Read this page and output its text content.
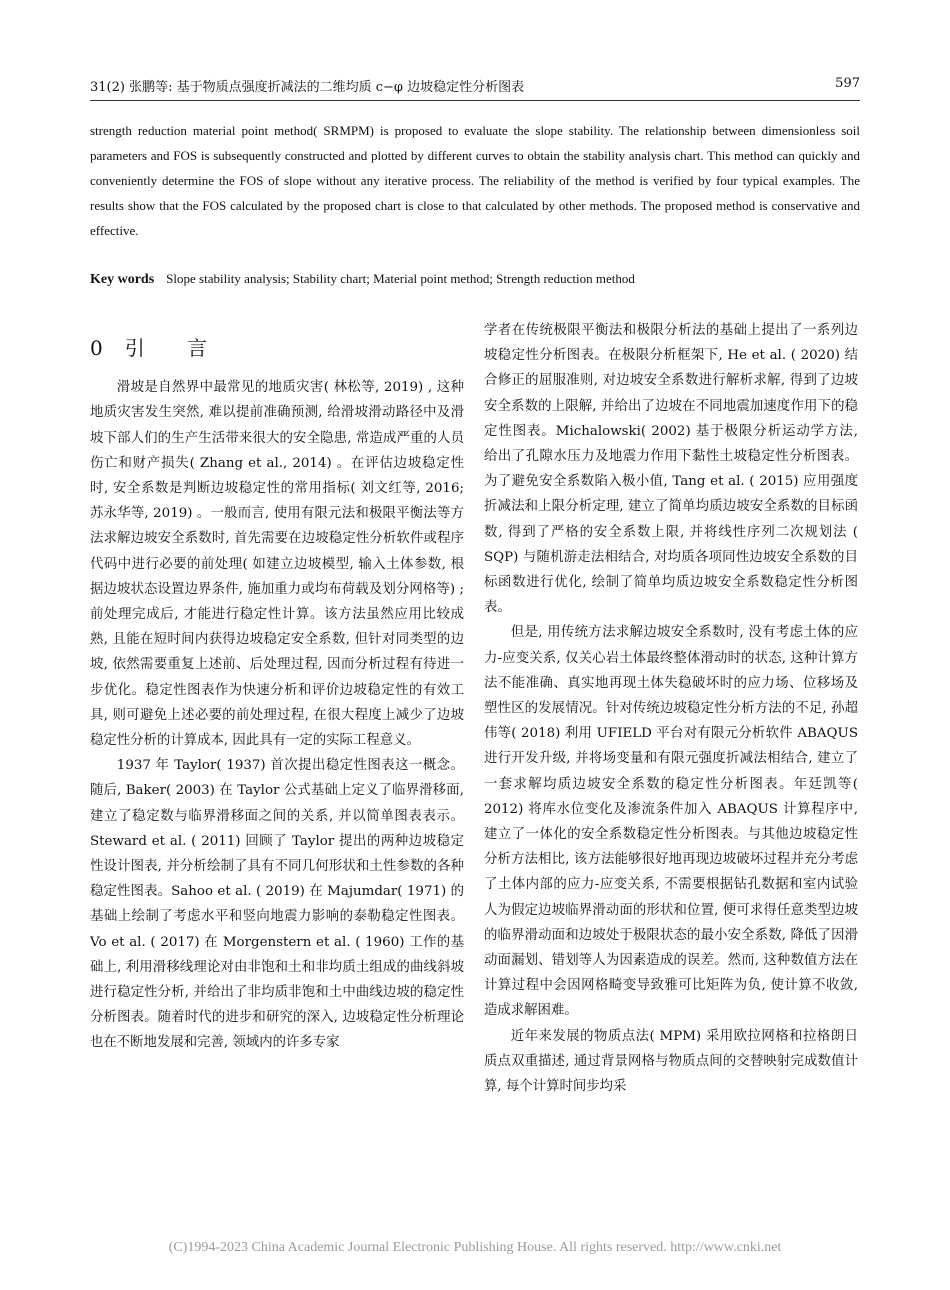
31(2) 张鹏等: 基于物质点强度折减法的二维均质 c−φ 边坡稳定性分析图表	597
strength reduction material point method( SRMPM) is proposed to evaluate the slope stability. The relationship between dimensionless soil parameters and FOS is subsequently constructed and plotted by different curves to obtain the stability analysis chart. This method can quickly and conveniently determine the FOS of slope without any iterative process. The reliability of the method is verified by four typical examples. The results show that the FOS calculated by the proposed chart is close to that calculated by other methods. The proposed method is conservative and effective.
Key words Slope stability analysis; Stability chart; Material point method; Strength reduction method
0 引 言

滑坡是自然界中最常见的地质灾害( 林松等, 2019) , 这种地质灾害发生突然, 难以提前准确预测, 给滑坡滑动路径中及滑坡下部人们的生产生活带来很大的安全隐患, 常造成严重的人员伤亡和财产损失( Zhang et al., 2014) 。在评估边坡稳定性时, 安全系数是判断边坡稳定性的常用指标( 刘文红等, 2016; 苏永华等, 2019) 。一般而言, 使用有限元法和极限平衡法等方法求解边坡安全系数时, 首先需要在边坡稳定性分析软件或程序代码中进行必要的前处理( 如建立边坡模型, 输入土体参数, 根据边坡状态设置边界条件, 施加重力或均布荷载及划分网格等) ; 前处理完成后, 才能进行稳定性计算。该方法虽然应用比较成熟, 且能在短时间内获得边坡稳定安全系数, 但针对同类型的边坡, 依然需要重复上述前、后处理过程, 因而分析过程有待进一步优化。稳定性图表作为快速分析和评价边坡稳定性的有效工具, 则可避免上述必要的前处理过程, 在很大程度上减少了边坡稳定性分析的计算成本, 因此具有一定的实际工程意义。

1937 年 Taylor( 1937) 首次提出稳定性图表这一概念。随后, Baker( 2003) 在 Taylor 公式基础上定义了临界滑移面, 建立了稳定数与临界滑移面之间的关系, 并以简单图表表示。Steward et al. ( 2011) 回顾了 Taylor 提出的两种边坡稳定性设计图表, 并分析绘制了具有不同几何形状和土性参数的各种稳定性图表。Sahoo et al. ( 2019) 在 Majumdar( 1971) 的基础上绘制了考虑水平和竖向地震力影响的泰勒稳定性图表。Vo et al. ( 2017) 在 Morgenstern et al. ( 1960) 工作的基础上, 利用滑移线理论对由非饱和土和非均质土组成的曲线斜坡进行稳定性分析, 并给出了非均质非饱和土中曲线边坡的稳定性分析图表。随着时代的进步和研究的深入, 边坡稳定性分析理论也在不断地发展和完善, 领域内的许多专家

学者在传统极限平衡法和极限分析法的基础上提出了一系列边坡稳定性分析图表。在极限分析框架下, He et al. ( 2020) 结合修正的屈服准则, 对边坡安全系数进行解析求解, 得到了边坡安全系数的上限解, 并给出了边坡在不同地震加速度作用下的稳定性图表。Michalowski( 2002) 基于极限分析运动学方法, 给出了孔隙水压力及地震力作用下黏性土坡稳定性分析图表。为了避免安全系数陷入极小值, Tang et al. ( 2015) 应用强度折减法和上限分析定理, 建立了简单均质边坡安全系数的目标函数, 得到了严格的安全系数上限, 并将线性序列二次规划法 ( SQP) 与随机游走法相结合, 对均质各项同性边坡安全系数的目标函数进行优化, 绘制了简单均质边坡安全系数稳定性分析图表。

但是, 用传统方法求解边坡安全系数时, 没有考虑土体的应力-应变关系, 仅关心岩土体最终整体滑动时的状态, 这种计算方法不能准确、真实地再现土体失稳破坏时的应力场、位移场及塑性区的发展情况。针对传统边坡稳定性分析方法的不足, 孙超伟等( 2018) 利用 UFIELD 平台对有限元分析软件 ABAQUS 进行开发升级, 并将场变量和有限元强度折减法相结合, 建立了一套求解均质边坡安全系数的稳定性分析图表。年廷凯等( 2012) 将库水位变化及渗流条件加入 ABAQUS 计算程序中, 建立了一体化的安全系数稳定性分析图表。与其他边坡稳定性分析方法相比, 该方法能够很好地再现边坡破坏过程并充分考虑了土体内部的应力-应变关系, 不需要根据钻孔数据和室内试验人为假定边坡临界滑动面的形状和位置, 便可求得任意类型边坡的临界滑动面和边坡处于极限状态的最小安全系数, 降低了因滑动面漏划、错划等人为因素造成的误差。然而, 这种数值方法在计算过程中会因网格畸变导致雅可比矩阵为负, 使计算不收敛, 造成求解困难。

近年来发展的物质点法( MPM) 采用欧拉网格和拉格朗日质点双重描述, 通过背景网格与物质点间的交替映射完成数值计算, 每个计算时间步均采

(C)1994-2023 China Academic Journal Electronic Publishing House. All rights reserved. http://www.cnki.net
